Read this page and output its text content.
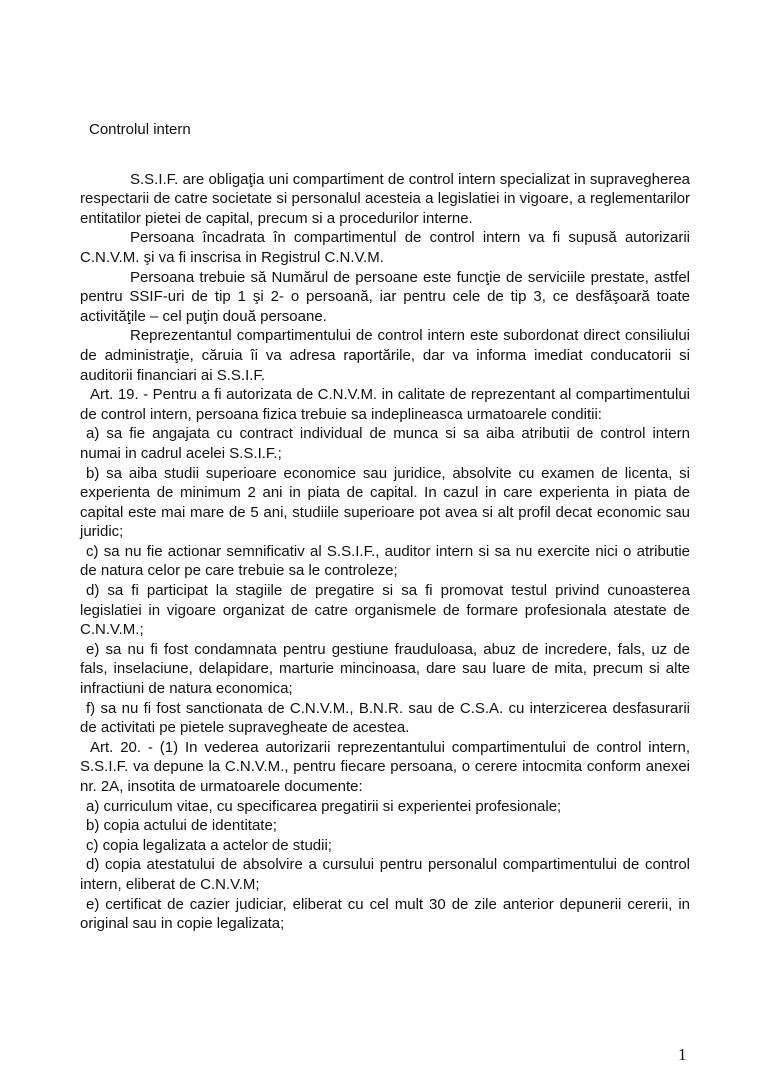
Controlul intern
S.S.I.F. are obligaţia uni compartiment de control intern specializat in supravegherea respectarii de catre societate si personalul acesteia a legislatiei in vigoare, a reglementarilor entitatilor pietei de capital, precum si a procedurilor interne.
Persoana încadrata în compartimentul de control intern va fi supusă autorizarii C.N.V.M. şi va fi inscrisa in Registrul C.N.V.M.
Persoana trebuie să Numărul de persoane este funcţie de serviciile prestate, astfel pentru SSIF-uri de tip 1 şi 2- o persoană, iar pentru cele de tip 3, ce desfăşoară toate activităţile – cel puţin două persoane.
Reprezentantul compartimentului de control intern este subordonat direct consiliului de administraţie, căruia îi va adresa raportările, dar va informa imediat conducatorii si auditorii financiari ai S.S.I.F.
Art. 19. - Pentru a fi autorizata de C.N.V.M. in calitate de reprezentant al compartimentului de control intern, persoana fizica trebuie sa indeplineasca urmatoarele conditii:
a) sa fie angajata cu contract individual de munca si sa aiba atributii de control intern numai in cadrul acelei S.S.I.F.;
b) sa aiba studii superioare economice sau juridice, absolvite cu examen de licenta, si experienta de minimum 2 ani in piata de capital. In cazul in care experienta in piata de capital este mai mare de 5 ani, studiile superioare pot avea si alt profil decat economic sau juridic;
c) sa nu fie actionar semnificativ al S.S.I.F., auditor intern si sa nu exercite nici o atributie de natura celor pe care trebuie sa le controleze;
d) sa fi participat la stagiile de pregatire si sa fi promovat testul privind cunoasterea legislatiei in vigoare organizat de catre organismele de formare profesionala atestate de C.N.V.M.;
e) sa nu fi fost condamnata pentru gestiune frauduloasa, abuz de incredere, fals, uz de fals, inselaciune, delapidare, marturie mincinoasa, dare sau luare de mita, precum si alte infractiuni de natura economica;
f) sa nu fi fost sanctionata de C.N.V.M., B.N.R. sau de C.S.A. cu interzicerea desfasurarii de activitati pe pietele supravegheate de acestea.
Art. 20. - (1) In vederea autorizarii reprezentantului compartimentului de control intern, S.S.I.F. va depune la C.N.V.M., pentru fiecare persoana, o cerere intocmita conform anexei nr. 2A, insotita de urmatoarele documente:
a) curriculum vitae, cu specificarea pregatirii si experientei profesionale;
b) copia actului de identitate;
c) copia legalizata a actelor de studii;
d) copia atestatului de absolvire a cursului pentru personalul compartimentului de control intern, eliberat de C.N.V.M;
e) certificat de cazier judiciar, eliberat cu cel mult 30 de zile anterior depunerii cererii, in original sau in copie legalizata;
1
